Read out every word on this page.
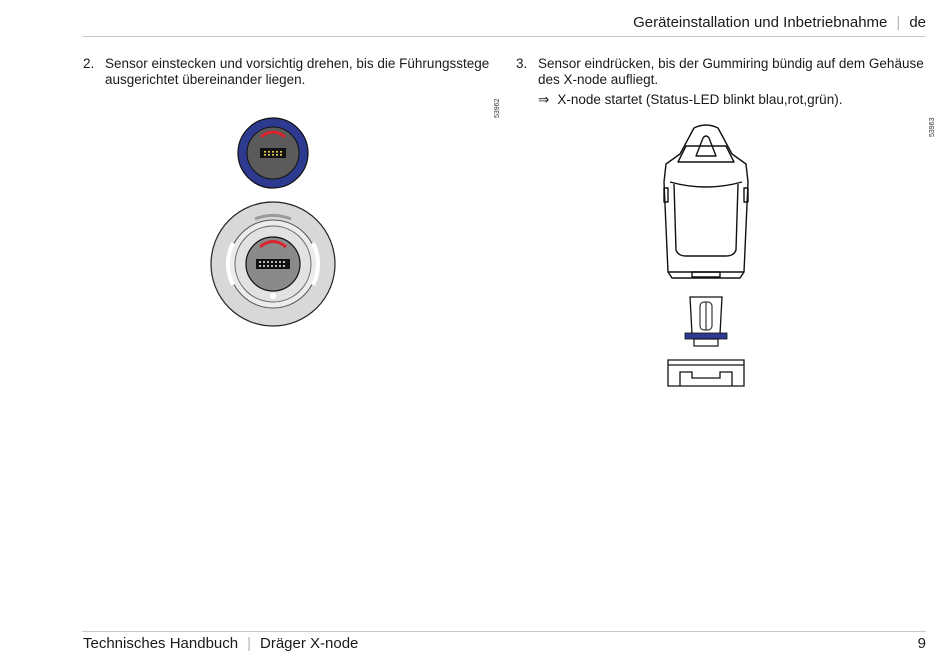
Geräteinstallation und Inbetriebnahme | de
2. Sensor einstecken und vorsichtig drehen, bis die Führungsstege
ausgerichtet übereinander liegen.
3. Sensor eindrücken, bis der Gummiring bündig auf dem Gehäuse
des X-node aufliegt.
⇒ X-node startet (Status-LED blinkt blau,rot,grün).
53962
53963
Technisches Handbuch | Dräger X-node	9
